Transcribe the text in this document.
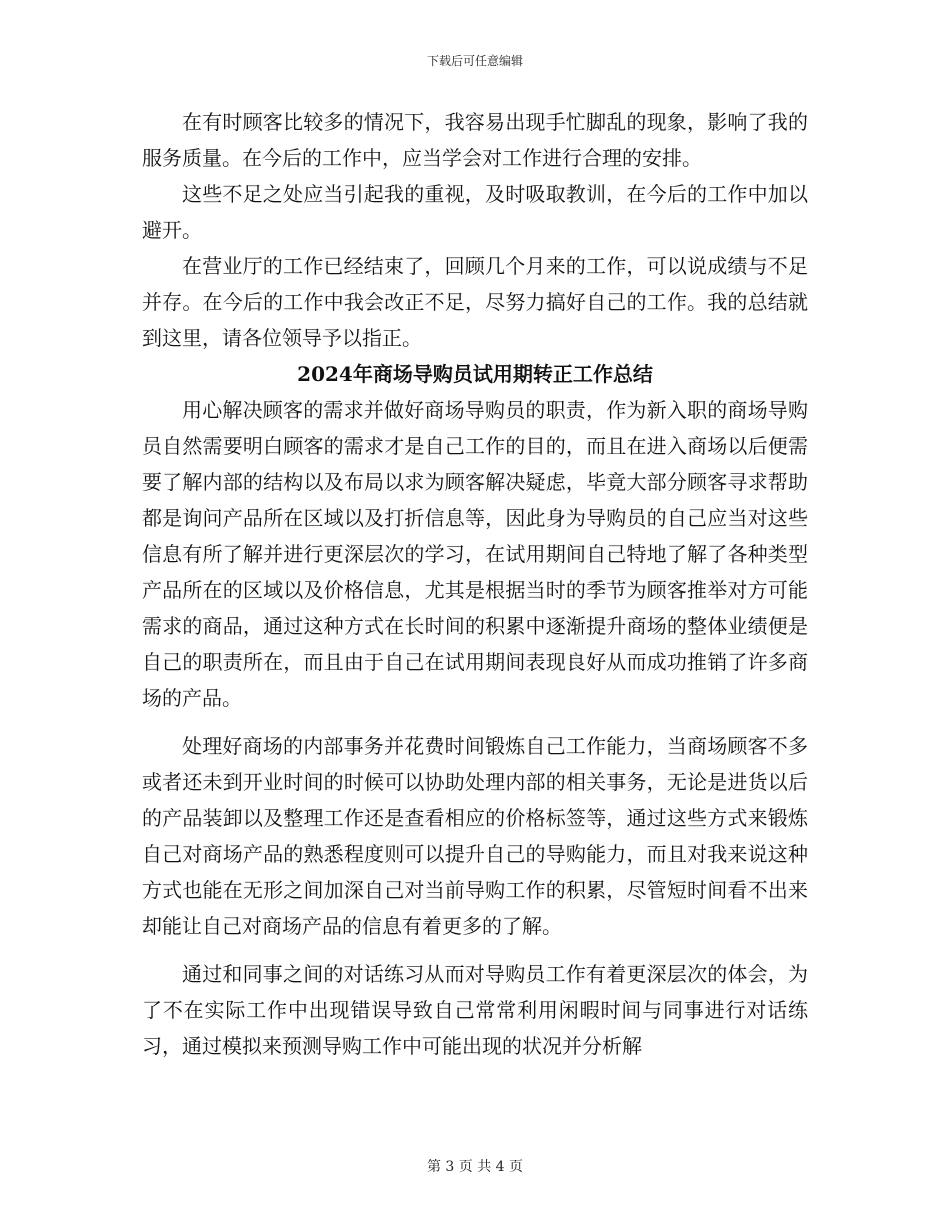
下载后可任意编辑

在有时顾客比较多的情况下，我容易出现手忙脚乱的现象，影响了我的服务质量。在今后的工作中，应当学会对工作进行合理的安排。

这些不足之处应当引起我的重视，及时吸取教训，在今后的工作中加以避开。

在营业厅的工作已经结束了，回顾几个月来的工作，可以说成绩与不足并存。在今后的工作中我会改正不足，尽努力搞好自己的工作。我的总结就到这里，请各位领导予以指正。

2024年商场导购员试用期转正工作总结

用心解决顾客的需求并做好商场导购员的职责，作为新入职的商场导购员自然需要明白顾客的需求才是自己工作的目的，而且在进入商场以后便需要了解内部的结构以及布局以求为顾客解决疑虑，毕竟大部分顾客寻求帮助都是询问产品所在区域以及打折信息等，因此身为导购员的自己应当对这些信息有所了解并进行更深层次的学习，在试用期间自己特地了解了各种类型产品所在的区域以及价格信息，尤其是根据当时的季节为顾客推举对方可能需求的商品，通过这种方式在长时间的积累中逐渐提升商场的整体业绩便是自己的职责所在，而且由于自己在试用期间表现良好从而成功推销了许多商场的产品。

处理好商场的内部事务并花费时间锻炼自己工作能力，当商场顾客不多或者还未到开业时间的时候可以协助处理内部的相关事务，无论是进货以后的产品装卸以及整理工作还是查看相应的价格标签等，通过这些方式来锻炼自己对商场产品的熟悉程度则可以提升自己的导购能力，而且对我来说这种方式也能在无形之间加深自己对当前导购工作的积累，尽管短时间看不出来却能让自己对商场产品的信息有着更多的了解。

通过和同事之间的对话练习从而对导购员工作有着更深层次的体会，为了不在实际工作中出现错误导致自己常常利用闲暇时间与同事进行对话练习，通过模拟来预测导购工作中可能出现的状况并分析解

第 3 页 共 4 页
